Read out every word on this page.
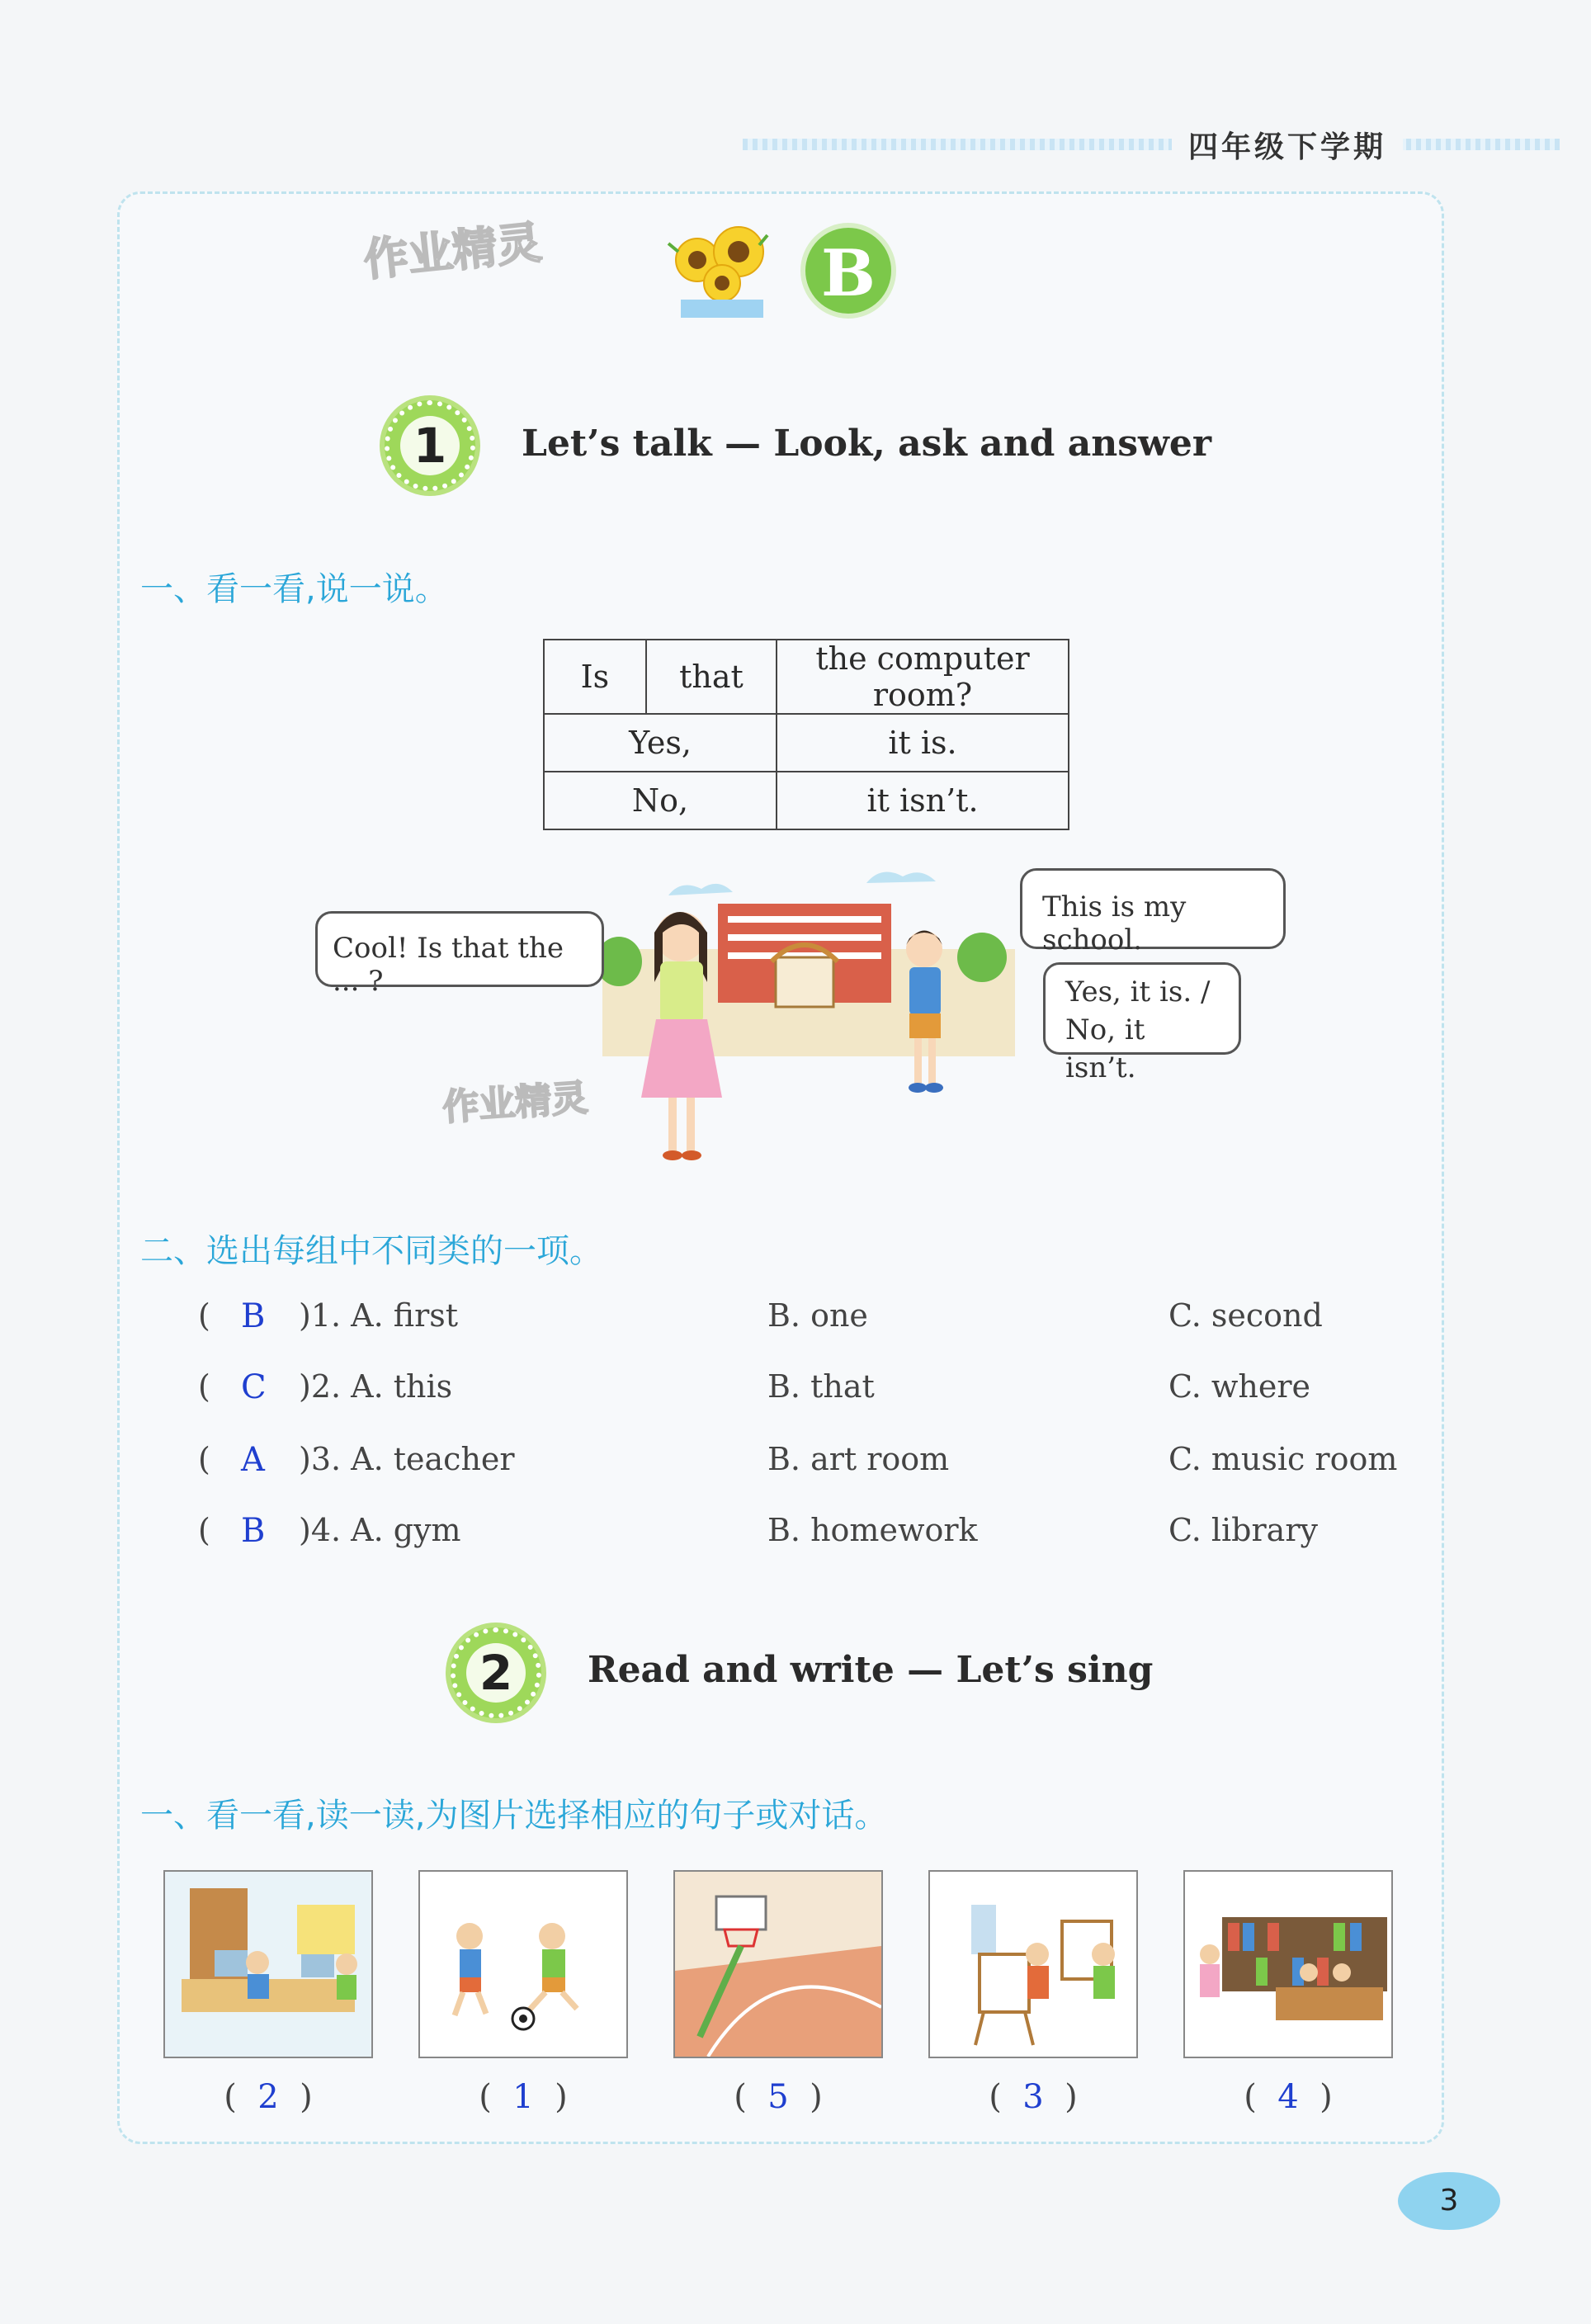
四年级下学期
作业精灵
作业精灵
B
1	Let’s talk — Look, ask and answer
一、看一看,说一说。
Is	that	the computer room?
Yes,		it is.
No,		it isn’t.
Cool! Is that the ... ?
This is my school.
Yes, it is. /
No, it isn’t.
二、选出每组中不同类的一项。
( B )1. A. first	B. one	C. second
( C )2. A. this	B. that	C. where
( A )3. A. teacher	B. art room	C. music room
( B )4. A. gym	B. homework	C. library
2	Read and write — Let’s sing
一、看一看,读一读,为图片选择相应的句子或对话。
(  2  )	(  1  )	(  5  )	(  3  )	(  4  )
3
